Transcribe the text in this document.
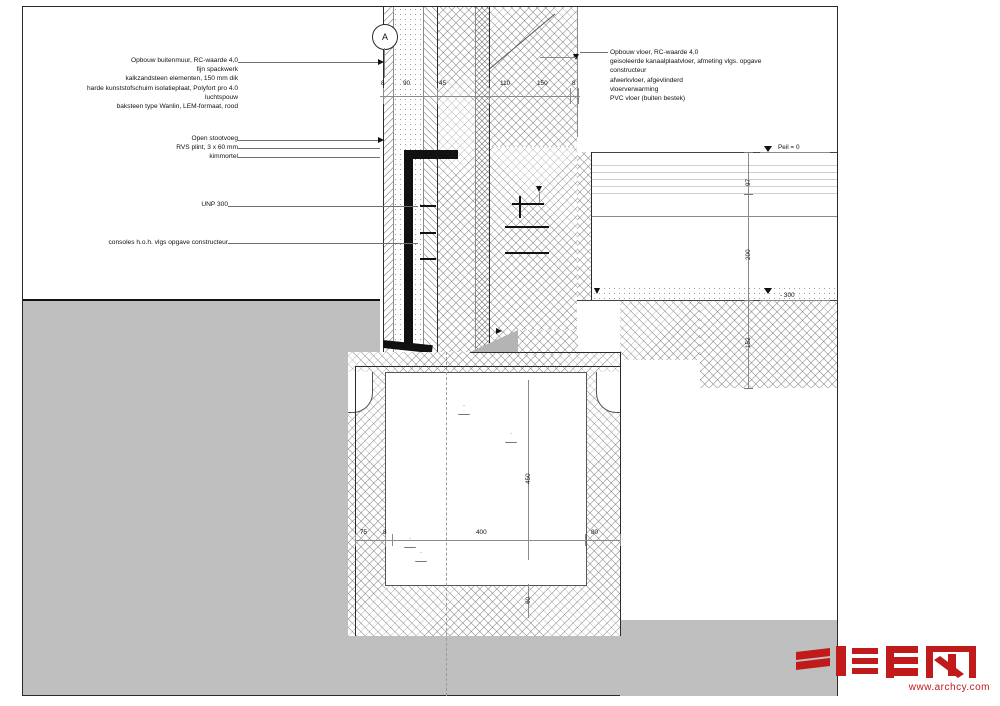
8	90	45	110	150	8
A
Peil = 0
- 300
97
200
152
450
75 8	400	80
60
Opbouw buitenmuur, RC-waarde 4,0
fijn spackwerk
kalkzandsteen elementen, 150 mm dik
harde kunststofschuim isolatieplaat, Polyfort pro 4.0
luchtspouw
baksteen type Wanlin, LEM-formaat, rood
Open stootvoeg
RVS plint, 3 x 60 mm
kimmortel
UNP 300
consoles h.o.h. vlgs opgave constructeur
Opbouw vloer, RC-waarde 4,0
geisoleerde kanaalplaatvloer, afmeting vlgs. opgave
constructeur
afwerkvloer, afgevlinderd
vloerverwarming
PVC vloer (buiten bestek)
www.archcy.com
